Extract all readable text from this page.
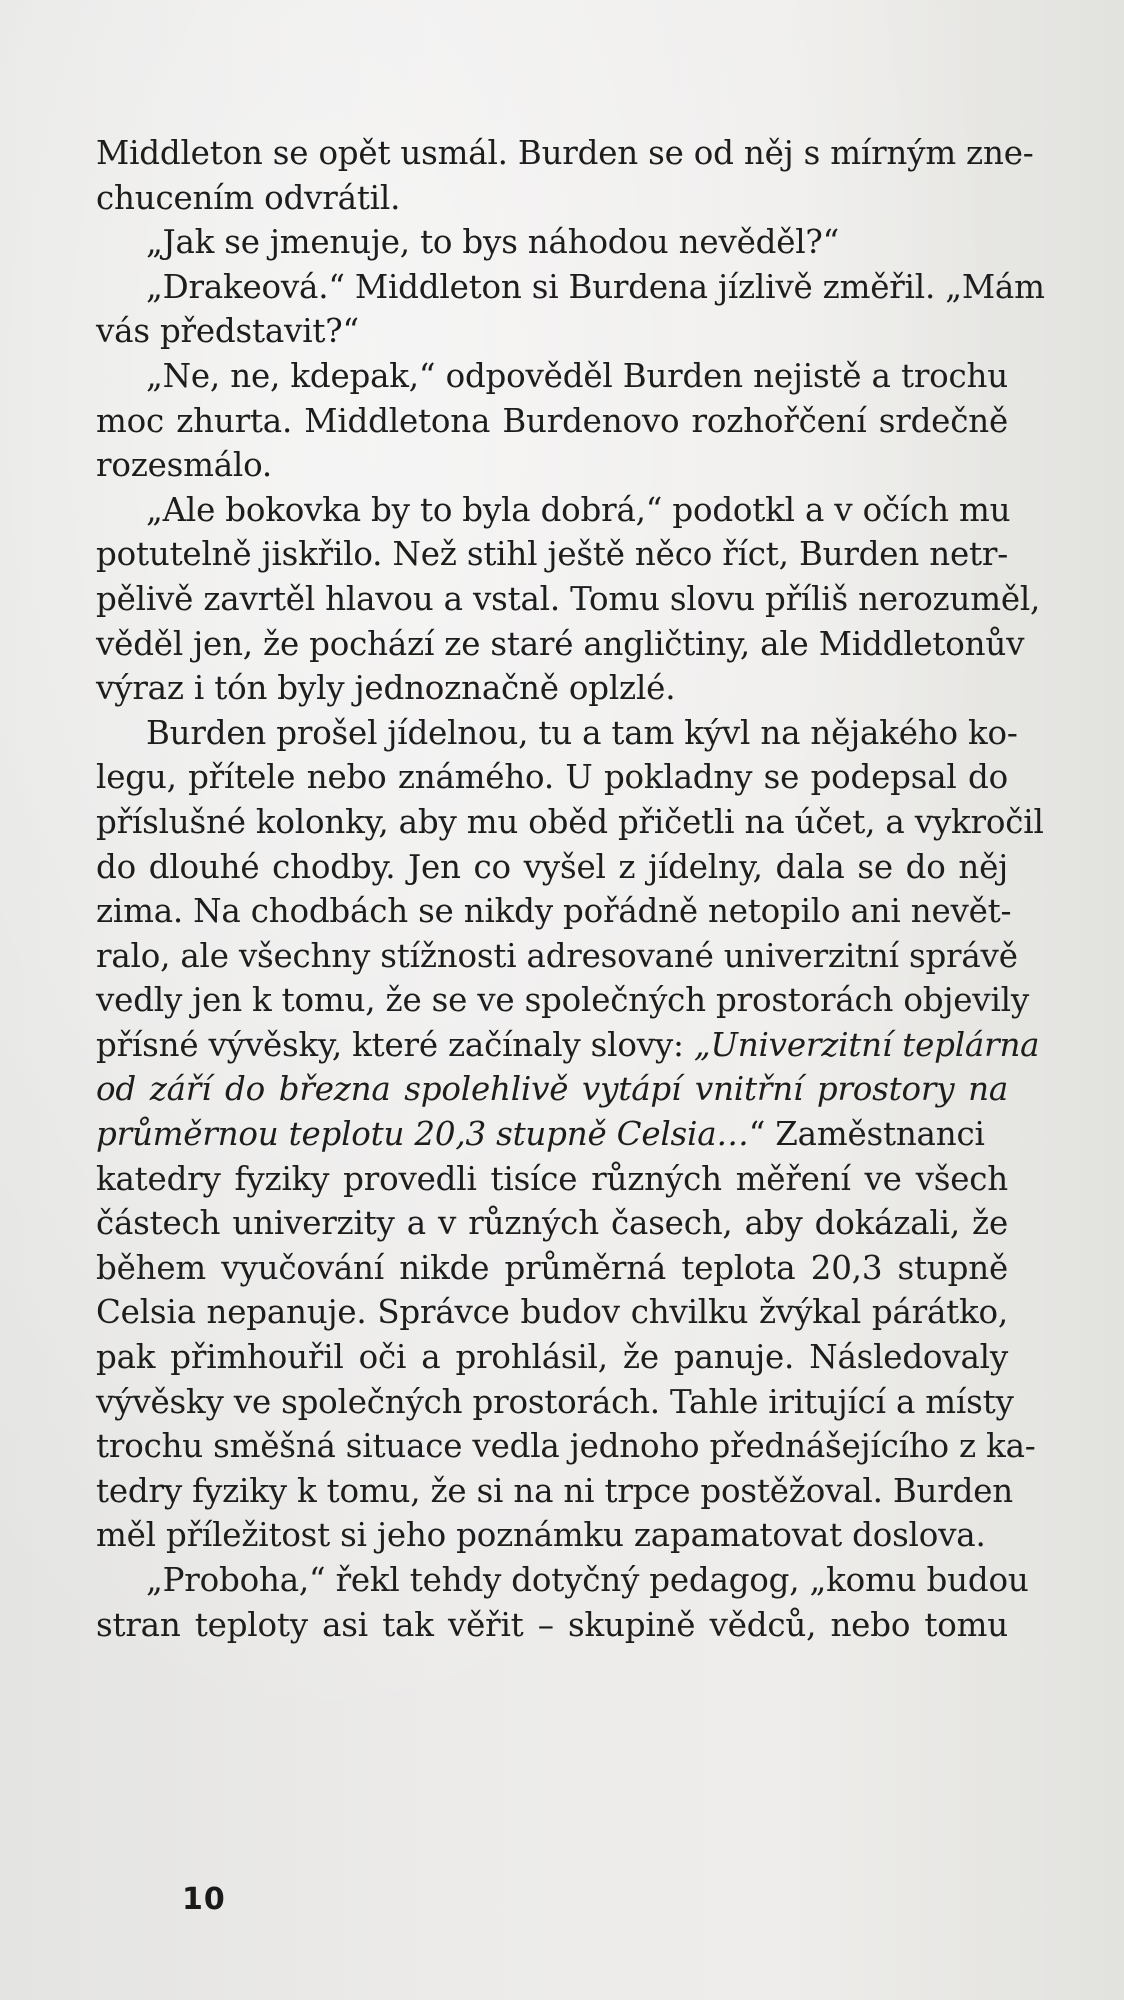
Middleton se opět usmál. Burden se od něj s mírným zne-
chucením odvrátil.
„Jak se jmenuje, to bys náhodou nevěděl?“
„Drakeová.“ Middleton si Burdena jízlivě změřil. „Mám
vás představit?“
„Ne, ne, kdepak,“ odpověděl Burden nejistě a trochu
moc zhurta. Middletona Burdenovo rozhořčení srdečně
rozesmálo.
„Ale bokovka by to byla dobrá,“ podotkl a v očích mu
potutelně jiskřilo. Než stihl ještě něco říct, Burden netr-
pělivě zavrtěl hlavou a vstal. Tomu slovu příliš nerozuměl,
věděl jen, že pochází ze staré angličtiny, ale Middletonův
výraz i tón byly jednoznačně oplzlé.
Burden prošel jídelnou, tu a tam kývl na nějakého ko-
legu, přítele nebo známého. U pokladny se podepsal do
příslušné kolonky, aby mu oběd přičetli na účet, a vykročil
do dlouhé chodby. Jen co vyšel z jídelny, dala se do něj
zima. Na chodbách se nikdy pořádně netopilo ani nevět-
ralo, ale všechny stížnosti adresované univerzitní správě
vedly jen k tomu, že se ve společných prostorách objevily
přísné vývěsky, které začínaly slovy: „Univerzitní teplárna
od září do března spolehlivě vytápí vnitřní prostory na
průměrnou teplotu 20,3 stupně Celsia…“ Zaměstnanci
katedry fyziky provedli tisíce různých měření ve všech
částech univerzity a v různých časech, aby dokázali, že
během vyučování nikde průměrná teplota 20,3 stupně
Celsia nepanuje. Správce budov chvilku žvýkal párátko,
pak přimhouřil oči a prohlásil, že panuje. Následovaly
vývěsky ve společných prostorách. Tahle iritující a místy
trochu směšná situace vedla jednoho přednášejícího z ka-
tedry fyziky k tomu, že si na ni trpce postěžoval. Burden
měl příležitost si jeho poznámku zapamatovat doslova.
„Proboha,“ řekl tehdy dotyčný pedagog, „komu budou
stran teploty asi tak věřit – skupině vědců, nebo tomu
10
